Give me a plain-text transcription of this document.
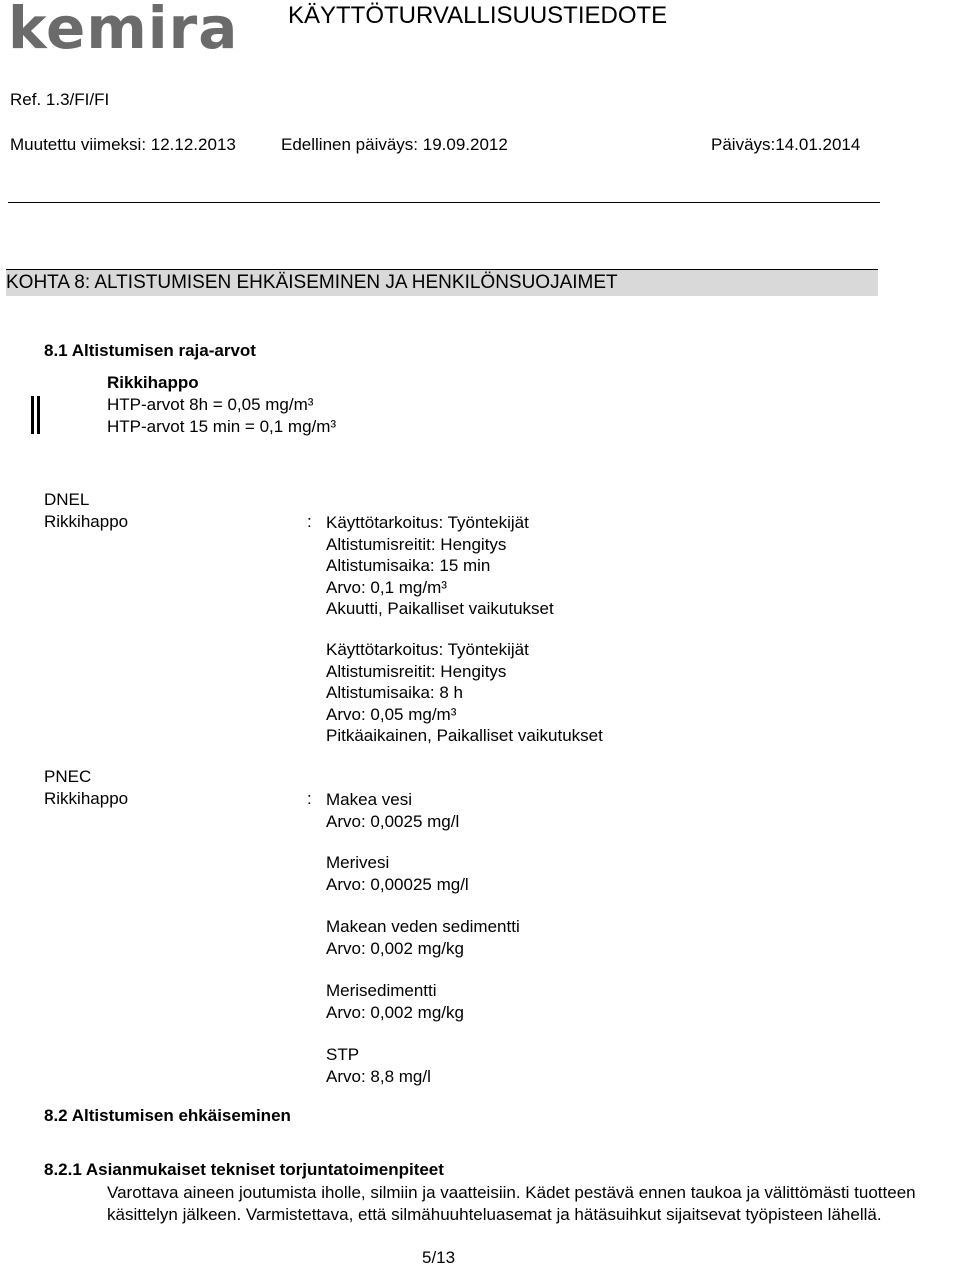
kemira KÄYTTÖTURVALLISUUSTIEDOTE
Ref. 1.3/FI/FI
Muutettu viimeksi: 12.12.2013	Edellinen päiväys: 19.09.2012	Päiväys:14.01.2014
KOHTA 8: ALTISTUMISEN EHKÄISEMINEN JA HENKILÖNSUOJAIMET
8.1 Altistumisen raja-arvot
Rikkihappo
HTP-arvot 8h = 0,05 mg/m³
HTP-arvot 15 min = 0,1 mg/m³
DNEL
Rikkihappo	: Käyttötarkoitus: Työntekijät
Altistumisreitit: Hengitys
Altistumisaika: 15 min
Arvo: 0,1 mg/m³
Akuutti, Paikalliset vaikutukset
Käyttötarkoitus: Työntekijät
Altistumisreitit: Hengitys
Altistumisaika: 8 h
Arvo: 0,05 mg/m³
Pitkäaikainen, Paikalliset vaikutukset
PNEC
Rikkihappo	: Makea vesi
Arvo: 0,0025 mg/l
Merivesi
Arvo: 0,00025 mg/l
Makean veden sedimentti
Arvo: 0,002 mg/kg
Merisedimentti
Arvo: 0,002 mg/kg
STP
Arvo: 8,8 mg/l
8.2 Altistumisen ehkäiseminen
8.2.1 Asianmukaiset tekniset torjuntatoimenpiteet
Varottava aineen joutumista iholle, silmiin ja vaatteisiin. Kädet pestävä ennen taukoa ja välittömästi tuotteen käsittelyn jälkeen. Varmistettava, että silmähuuhteluasemat ja hätäsuihkut sijaitsevat työpisteen lähellä.
5/13
